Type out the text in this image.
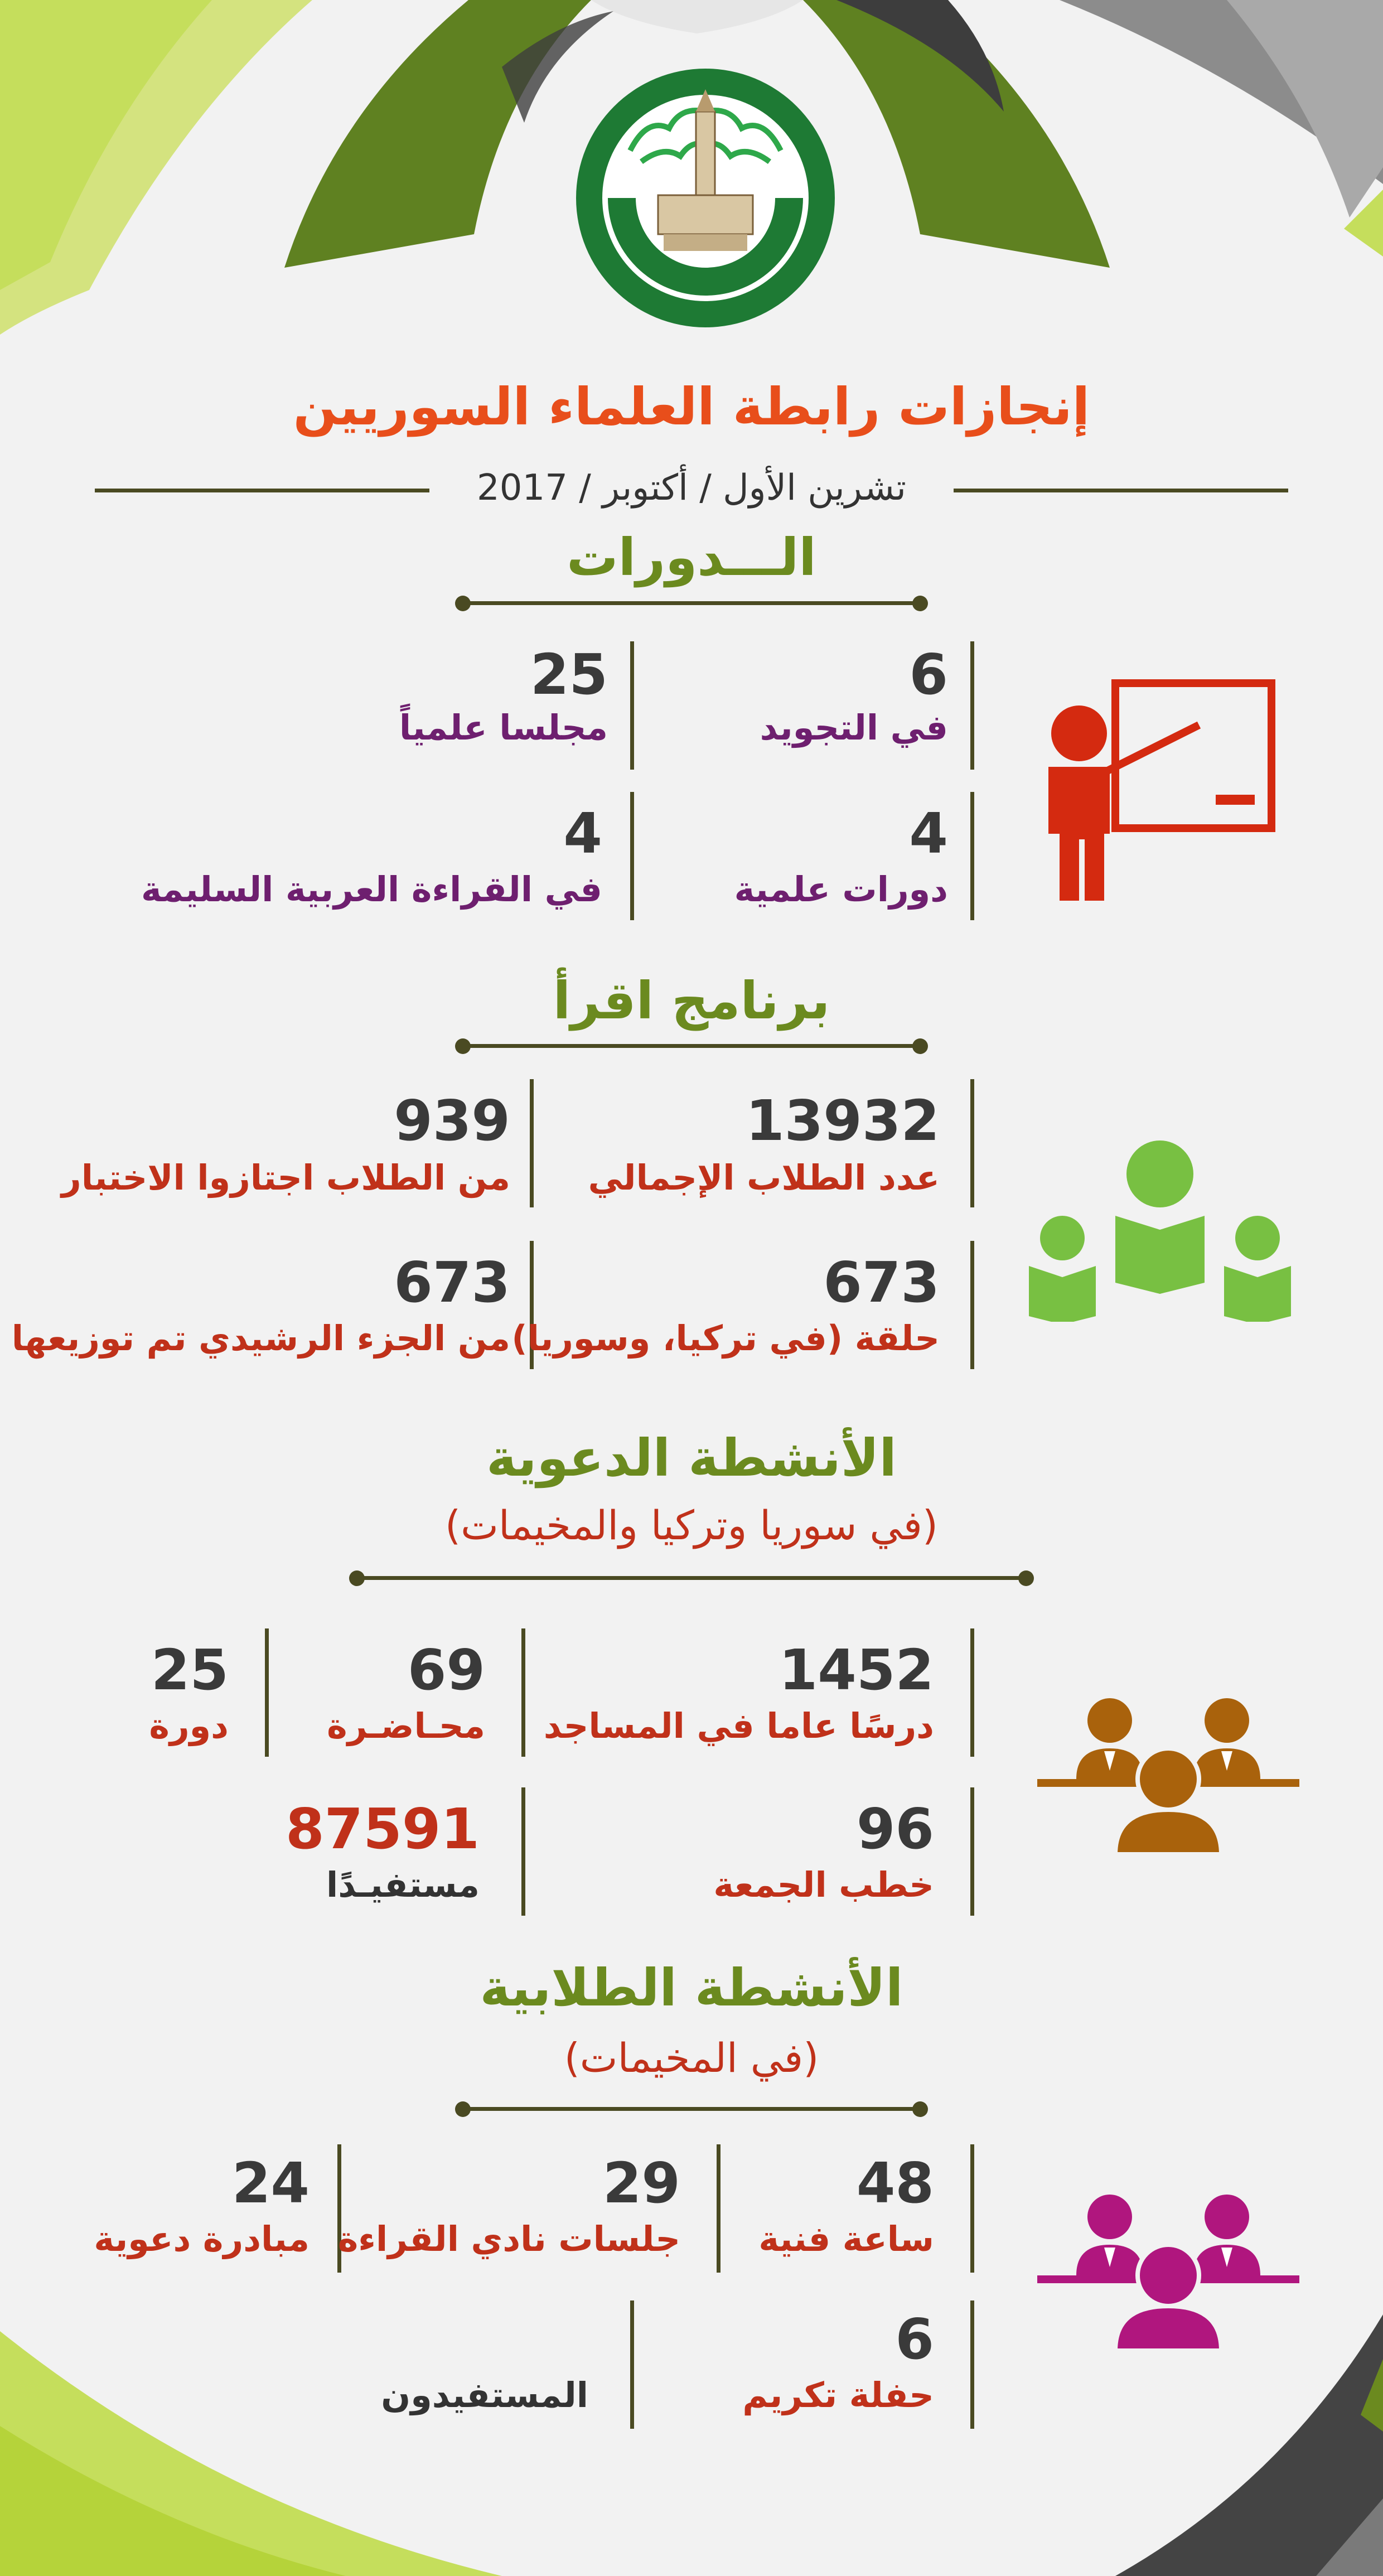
إنجازات رابطة العلماء السوريين
تشرين الأول / أكتوبر / 2017
الـــدورات
6
في التجويد
25
مجلسا علمياً
4
دورات علمية
4
في القراءة العربية السليمة
برنامج اقرأ
13932
عدد الطلاب الإجمالي
939
من الطلاب اجتازوا الاختبار
673
حلقة (في تركيا، وسوريا)
673
من الجزء الرشيدي تم توزيعها
الأنشطة الدعوية
(في سوريا وتركيا والمخيمات)
1452
درسًا عاما في المساجد
69
محـاضـرة
25
دورة
96
خطب الجمعة
87591
مستفيـدًا
الأنشطة الطلابية
(في المخيمات)
48
ساعة فنية
29
جلسات نادي القراءة
24
مبادرة دعوية
6
حفلة تكريم
المستفيدون
